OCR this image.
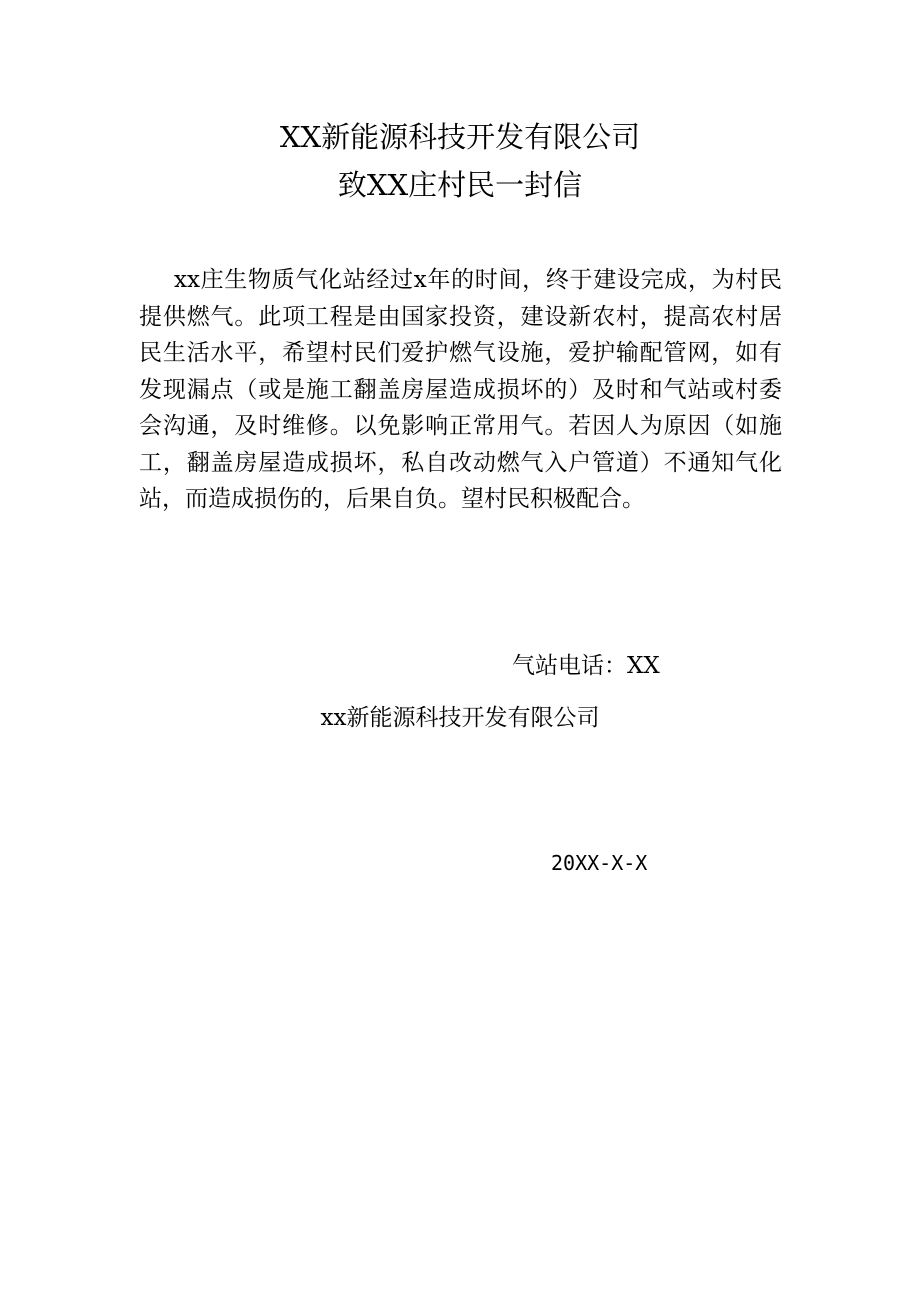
XX新能源科技开发有限公司
致XX庄村民一封信

xx庄生物质气化站经过x年的时间，终于建设完成，为村民提供燃气。此项工程是由国家投资，建设新农村，提高农村居民生活水平，希望村民们爱护燃气设施，爱护输配管网，如有发现漏点（或是施工翻盖房屋造成损坏的）及时和气站或村委会沟通，及时维修。以免影响正常用气。若因人为原因（如施工，翻盖房屋造成损坏，私自改动燃气入户管道）不通知气化站，而造成损伤的，后果自负。望村民积极配合。

气站电话：XX

xx新能源科技开发有限公司

20XX-X-X
